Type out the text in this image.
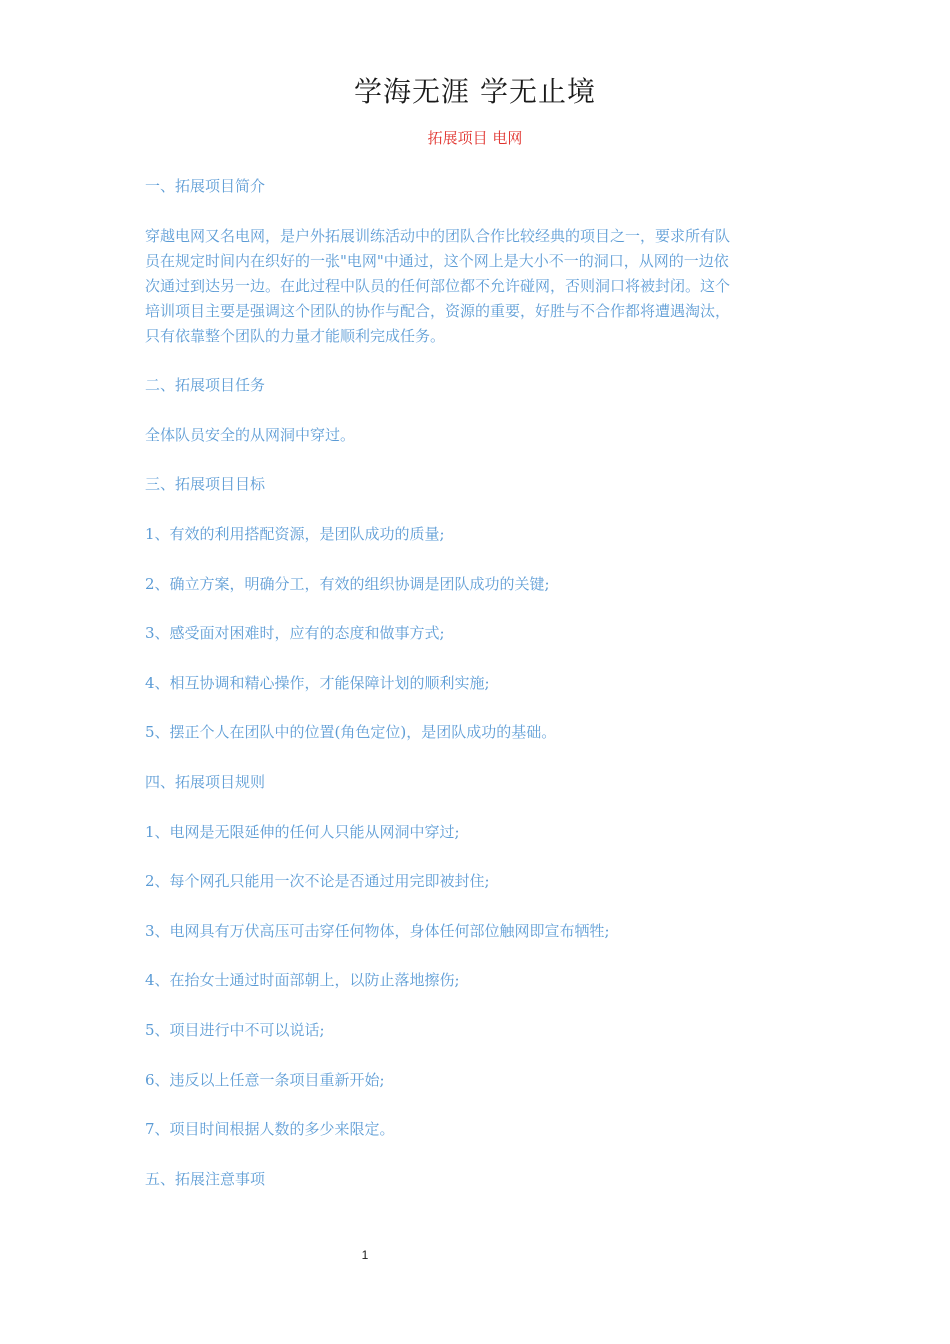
学海无涯 学无止境
拓展项目 电网
一、拓展项目简介
穿越电网又名电网，是户外拓展训练活动中的团队合作比较经典的项目之一，要求所有队
员在规定时间内在织好的一张"电网"中通过，这个网上是大小不一的洞口，从网的一边依
次通过到达另一边。在此过程中队员的任何部位都不允许碰网，否则洞口将被封闭。这个
培训项目主要是强调这个团队的协作与配合，资源的重要，好胜与不合作都将遭遇淘汰，
只有依靠整个团队的力量才能顺利完成任务。
二、拓展项目任务
全体队员安全的从网洞中穿过。
三、拓展项目目标
1、有效的利用搭配资源，是团队成功的质量;
2、确立方案，明确分工，有效的组织协调是团队成功的关键;
3、感受面对困难时，应有的态度和做事方式;
4、相互协调和精心操作，才能保障计划的顺利实施;
5、摆正个人在团队中的位置(角色定位)，是团队成功的基础。
四、拓展项目规则
1、电网是无限延伸的任何人只能从网洞中穿过;
2、每个网孔只能用一次不论是否通过用完即被封住;
3、电网具有万伏高压可击穿任何物体，身体任何部位触网即宣布牺牲;
4、在抬女士通过时面部朝上，以防止落地擦伤;
5、项目进行中不可以说话;
6、违反以上任意一条项目重新开始;
7、项目时间根据人数的多少来限定。
五、拓展注意事项
1
